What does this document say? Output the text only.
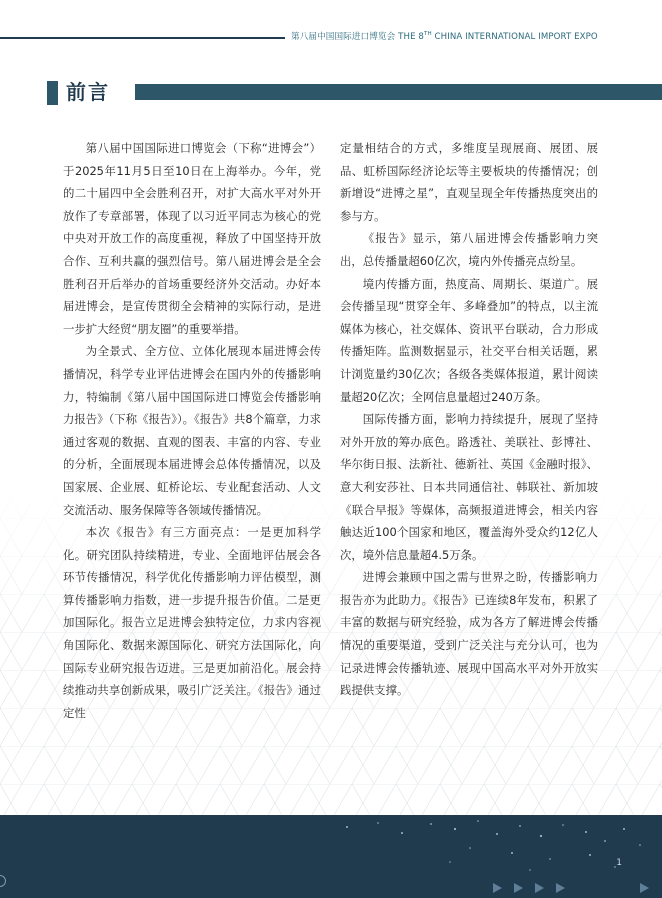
第八届中国国际进口博览会 THE 8TH CHINA INTERNATIONAL IMPORT EXPO
前言

第八届中国国际进口博览会（下称“进博会”）于2025年11月5日至10日在上海举办。今年，党的二十届四中全会胜利召开，对扩大高水平对外开放作了专章部署，体现了以习近平同志为核心的党中央对开放工作的高度重视，释放了中国坚持开放合作、互利共赢的强烈信号。第八届进博会是全会胜利召开后举办的首场重要经济外交活动。办好本届进博会，是宣传贯彻全会精神的实际行动，是进一步扩大经贸“朋友圈”的重要举措。

为全景式、全方位、立体化展现本届进博会传播情况，科学专业评估进博会在国内外的传播影响力，特编制《第八届中国国际进口博览会传播影响力报告》（下称《报告》）。《报告》共8个篇章，力求通过客观的数据、直观的图表、丰富的内容、专业的分析，全面展现本届进博会总体传播情况，以及国家展、企业展、虹桥论坛、专业配套活动、人文交流活动、服务保障等各领域传播情况。

本次《报告》有三方面亮点：一是更加科学化。研究团队持续精进，专业、全面地评估展会各环节传播情况，科学优化传播影响力评估模型，测算传播影响力指数，进一步提升报告价值。二是更加国际化。报告立足进博会独特定位，力求内容视角国际化、数据来源国际化、研究方法国际化，向国际专业研究报告迈进。三是更加前沿化。展会持续推动共享创新成果，吸引广泛关注。《报告》通过定性

定量相结合的方式，多维度呈现展商、展团、展品、虹桥国际经济论坛等主要板块的传播情况；创新增设“进博之星”，直观呈现全年传播热度突出的参与方。

《报告》显示，第八届进博会传播影响力突出，总传播量超60亿次，境内外传播亮点纷呈。

境内传播方面，热度高、周期长、渠道广。展会传播呈现“贯穿全年、多峰叠加”的特点，以主流媒体为核心，社交媒体、资讯平台联动，合力形成传播矩阵。监测数据显示，社交平台相关话题，累计浏览量约30亿次；各级各类媒体报道，累计阅读量超20亿次；全网信息量超过240万条。

国际传播方面，影响力持续提升，展现了坚持对外开放的筹办底色。路透社、美联社、彭博社、华尔街日报、法新社、德新社、英国《金融时报》、意大利安莎社、日本共同通信社、韩联社、新加坡《联合早报》等媒体，高频报道进博会，相关内容触达近100个国家和地区，覆盖海外受众约12亿人次，境外信息量超4.5万条。

进博会兼顾中国之需与世界之盼，传播影响力报告亦为此助力。《报告》已连续8年发布，积累了丰富的数据与研究经验，成为各方了解进博会传播情况的重要渠道，受到广泛关注与充分认可，也为记录进博会传播轨迹、展现中国高水平对外开放实践提供支撑。

1
